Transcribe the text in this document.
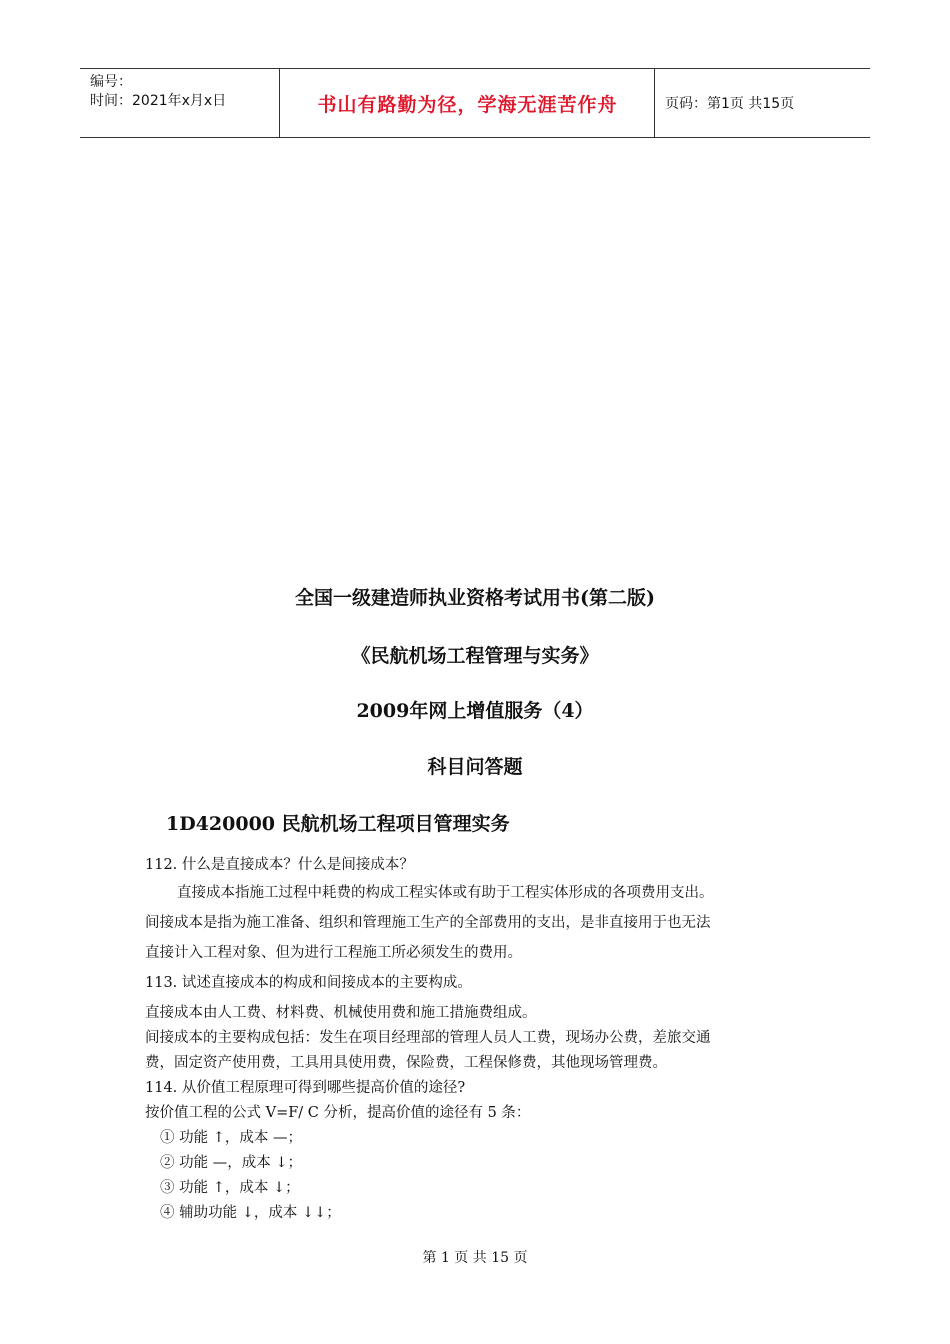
编号：
时间：2021年x月x日	书山有路勤为径，学海无涯苦作舟	页码：第1页 共15页
全国一级建造师执业资格考试用书(第二版)
《民航机场工程管理与实务》
2009年网上增值服务（4）
科目问答题
1D420000 民航机场工程项目管理实务
112. 什么是直接成本？什么是间接成本？
直接成本指施工过程中耗费的构成工程实体或有助于工程实体形成的各项费用支出。
间接成本是指为施工准备、组织和管理施工生产的全部费用的支出，是非直接用于也无法
直接计入工程对象、但为进行工程施工所必须发生的费用。
113. 试述直接成本的构成和间接成本的主要构成。
直接成本由人工费、材料费、机械使用费和施工措施费组成。
间接成本的主要构成包括：发生在项目经理部的管理人员人工费，现场办公费，差旅交通
费，固定资产使用费，工具用具使用费，保险费，工程保修费，其他现场管理费。
114. 从价值工程原理可得到哪些提高价值的途径?
按价值工程的公式 V=F/ C 分析，提高价值的途径有 5 条：
① 功能 ↑，成本 —；
② 功能 —，成本 ↓；
③ 功能 ↑，成本 ↓；
④ 辅助功能 ↓，成本 ↓↓；
第 1 页 共 15 页
